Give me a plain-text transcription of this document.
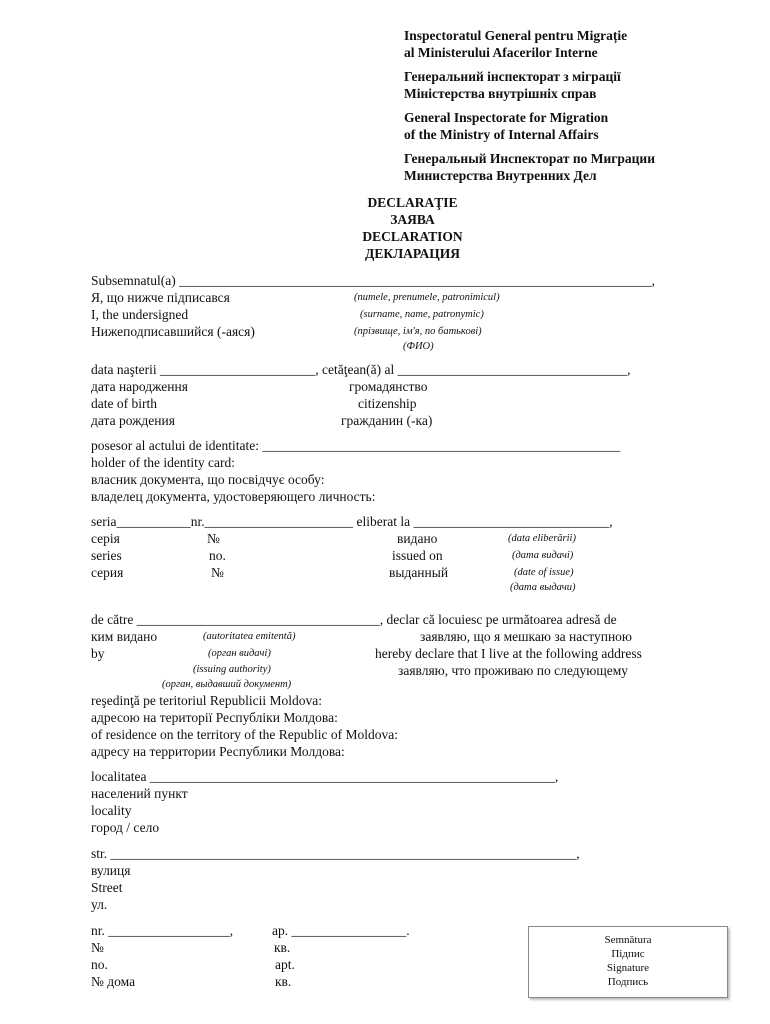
Inspectoratul General pentru Migrație
al Ministerului Afacerilor Interne
Генеральний інспекторат з міграції
Міністерства внутрішніх справ
General Inspectorate for Migration
of the Ministry of Internal Affairs
Генеральный Инспекторат по Миграции
Министерства Внутренних Дел
DECLARAŢIE
ЗАЯВА
DECLARATION
ДЕКЛАРАЦИЯ
Subsemnatul(a) ______________________________________________________________________,
Я, що нижче підписався
I, the undersigned
Нижеподписавшийся (-аяся)
(numele, prenumele, patronimicul)
(surname, name, patronymic)
(прізвище, ім'я, по батькові)
(ФИО)
data naşterii _______________________, cetăţean(ă) al __________________________________,
дата народження
date of birth
дата рождения
громадянство
citizenship
гражданин (-ка)
posesor al actului de identitate: _____________________________________________________
holder of the identity card:
власник документа, що посвідчує особу:
владелец документа, удостоверяющего личность:
seria___________nr.______________________ eliberat la _____________________________,
серія
series
серия
№
no.
№
видано
issued on
выданный
(data eliberării)
(дата видачі)
(date of issue)
(дата выдачи)
de către ____________________________________, declar că locuiesc pe următoarea adresă de
ким видано
by
(autoritatea emitentă)
(орган видачі)
(issuing authority)
(орган, выдавший документ)
заявляю, що я мешкаю за наступною
hereby declare that I live at the following address
заявляю, что проживаю по следующему
reşedinţă pe teritoriul Republicii Moldova:
адресою на території Республіки Молдова:
of residence on the territory of the Republic of Moldova:
адресу на территории Республики Молдова:
localitatea ____________________________________________________________,
населений пункт
locality
город / село
str. _____________________________________________________________________,
вулиця
Street
ул.
nr. __________________,
№
no.
№ дома
ap. _________________.
кв.
apt.
кв.
Semnătura
Підпис
Signature
Подпись
